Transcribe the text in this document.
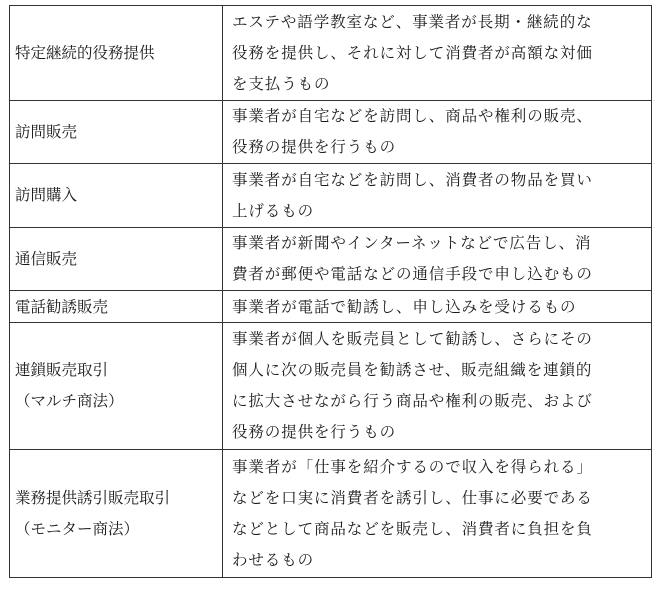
特定継続的役務提供	エステや語学教室など、事業者が長期・継続的な
役務を提供し、それに対して消費者が高額な対価
を支払うもの

訪問販売	事業者が自宅などを訪問し、商品や権利の販売、
役務の提供を行うもの

訪問購入	事業者が自宅などを訪問し、消費者の物品を買い
上げるもの

通信販売	事業者が新聞やインターネットなどで広告し、消
費者が郵便や電話などの通信手段で申し込むもの

電話勧誘販売	事業者が電話で勧誘し、申し込みを受けるもの

連鎖販売取引
（マルチ商法）	事業者が個人を販売員として勧誘し、さらにその
個人に次の販売員を勧誘させ、販売組織を連鎖的
に拡大させながら行う商品や権利の販売、および
役務の提供を行うもの

業務提供誘引販売取引
（モニター商法）	事業者が「仕事を紹介するので収入を得られる」
などを口実に消費者を誘引し、仕事に必要である
などとして商品などを販売し、消費者に負担を負
わせるもの
